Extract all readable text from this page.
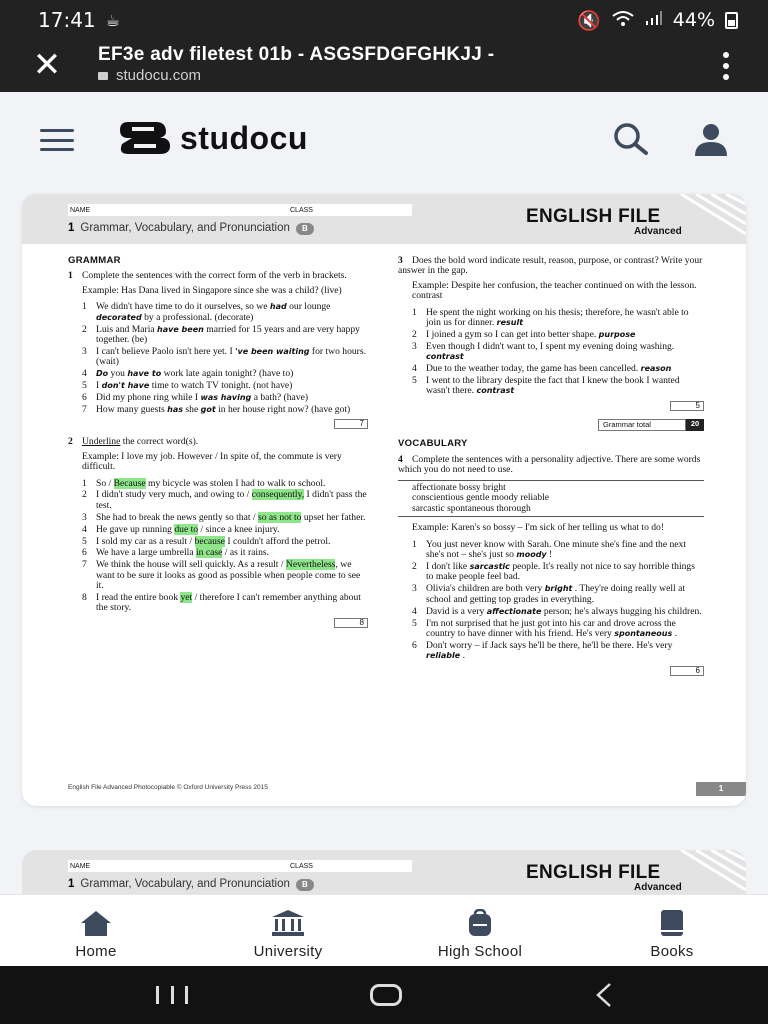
17:41 ☕	🔇	44%
✕ EF3e adv filetest 01b - ASGSFDGFGHKJJ -
studocu.com
studocu
NAME	CLASS
1 Grammar, Vocabulary, and Pronunciation B
ENGLISH FILE
Advanced
GRAMMAR
1 Complete the sentences with the correct form of the verb in brackets.
Example: Has Dana lived in Singapore since she was a child? (live)
1 We didn't have time to do it ourselves, so we had our lounge decorated by a professional. (decorate)
2 Luis and Maria have been married for 15 years and are very happy together. (be)
3 I can't believe Paolo isn't here yet. I 've been waiting for two hours. (wait)
4 Do you have to work late again tonight? (have to)
5 I don't have time to watch TV tonight. (not have)
6 Did my phone ring while I was having a bath? (have)
7 How many guests has she got in her house right now? (have got)
7
2 Underline the correct word(s).
Example: I love my job. However / In spite of, the commute is very difficult.
1 So / Because my bicycle was stolen I had to walk to school.
2 I didn't study very much, and owing to / consequently, I didn't pass the test.
3 She had to break the news gently so that / so as not to upset her father.
4 He gave up running due to / since a knee injury.
5 I sold my car as a result / because I couldn't afford the petrol.
6 We have a large umbrella in case / as it rains.
7 We think the house will sell quickly. As a result / Nevertheless, we want to be sure it looks as good as possible when people come to see it.
8 I read the entire book yet / therefore I can't remember anything about the story.
8
3 Does the bold word indicate result, reason, purpose, or contrast? Write your answer in the gap.
Example: Despite her confusion, the teacher continued on with the lesson. contrast
1 He spent the night working on his thesis; therefore, he wasn't able to join us for dinner. result
2 I joined a gym so I can get into better shape. purpose
3 Even though I didn't want to, I spent my evening doing washing. contrast
4 Due to the weather today, the game has been cancelled. reason
5 I went to the library despite the fact that I knew the book I wanted wasn't there. contrast
5
Grammar total	20
VOCABULARY
4 Complete the sentences with a personality adjective. There are some words which you do not need to use.
affectionate bossy bright
conscientious gentle moody reliable
sarcastic spontaneous thorough
Example: Karen's so bossy – I'm sick of her telling us what to do!
1 You just never know with Sarah. One minute she's fine and the next she's not – she's just so moody !
2 I don't like sarcastic people. It's really not nice to say horrible things to make people feel bad.
3 Olivia's children are both very bright . They're doing really well at school and getting top grades in everything.
4 David is a very affectionate person; he's always hugging his children.
5 I'm not surprised that he just got into his car and drove across the country to have dinner with his friend. He's very spontaneous .
6 Don't worry – if Jack says he'll be there, he'll be there. He's very reliable .
6
English File Advanced Photocopiable © Oxford University Press 2015	1
NAME	CLASS
1 Grammar, Vocabulary, and Pronunciation B
ENGLISH FILE
Advanced
Home	University	High School	Books
